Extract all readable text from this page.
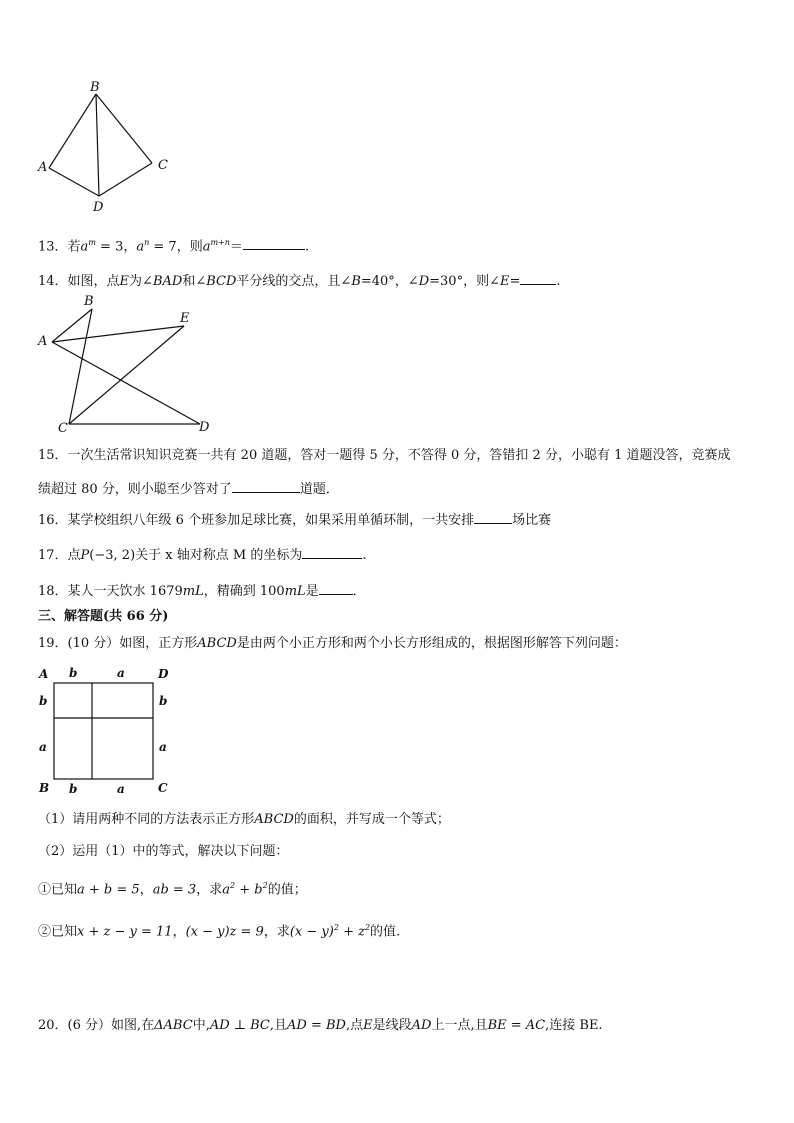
B
A	C
D
13．若$a^m = 3$，$a^n = 7$，则$a^{m+n}=$	.
14．如图，点E为∠BAD和∠BCD平分线的交点，且∠B=40°，∠D=30°，则∠E=	.
A
B
E
C	D
15．一次生活常识知识竞赛一共有 20 道题，答对一题得 5 分，不答得 0 分，答错扣 2 分，小聪有 1 道题没答，竞赛成
绩超过 80 分，则小聪至少答对了	道题．
16．某学校组织八年级 6 个班参加足球比赛，如果采用单循环制，一共安排	场比赛
17．点P(−3, 2)关于 x 轴对称点 M 的坐标为	.
18．某人一天饮水 1679mL，精确到 100mL是	．
三、解答题(共 66 分)
19．(10 分）如图，正方形ABCD是由两个小正方形和两个小长方形组成的，根据图形解答下列问题：
A	D
B	C
b	a
b
a
b
a
b	a
（1）请用两种不同的方法表示正方形ABCD的面积，并写成一个等式；
（2）运用（1）中的等式，解决以下问题：
①已知a + b = 5，ab = 3，求$a^2 + b^2$的值；
②已知x + z − y = 11，(x − y)z = 9，求$(x - y)^2 + z^2$的值.
20．(6 分）如图,在ΔABC中,AD ⊥ BC,且AD = BD,点E是线段AD上一点,且BE = AC,连接 BE.
